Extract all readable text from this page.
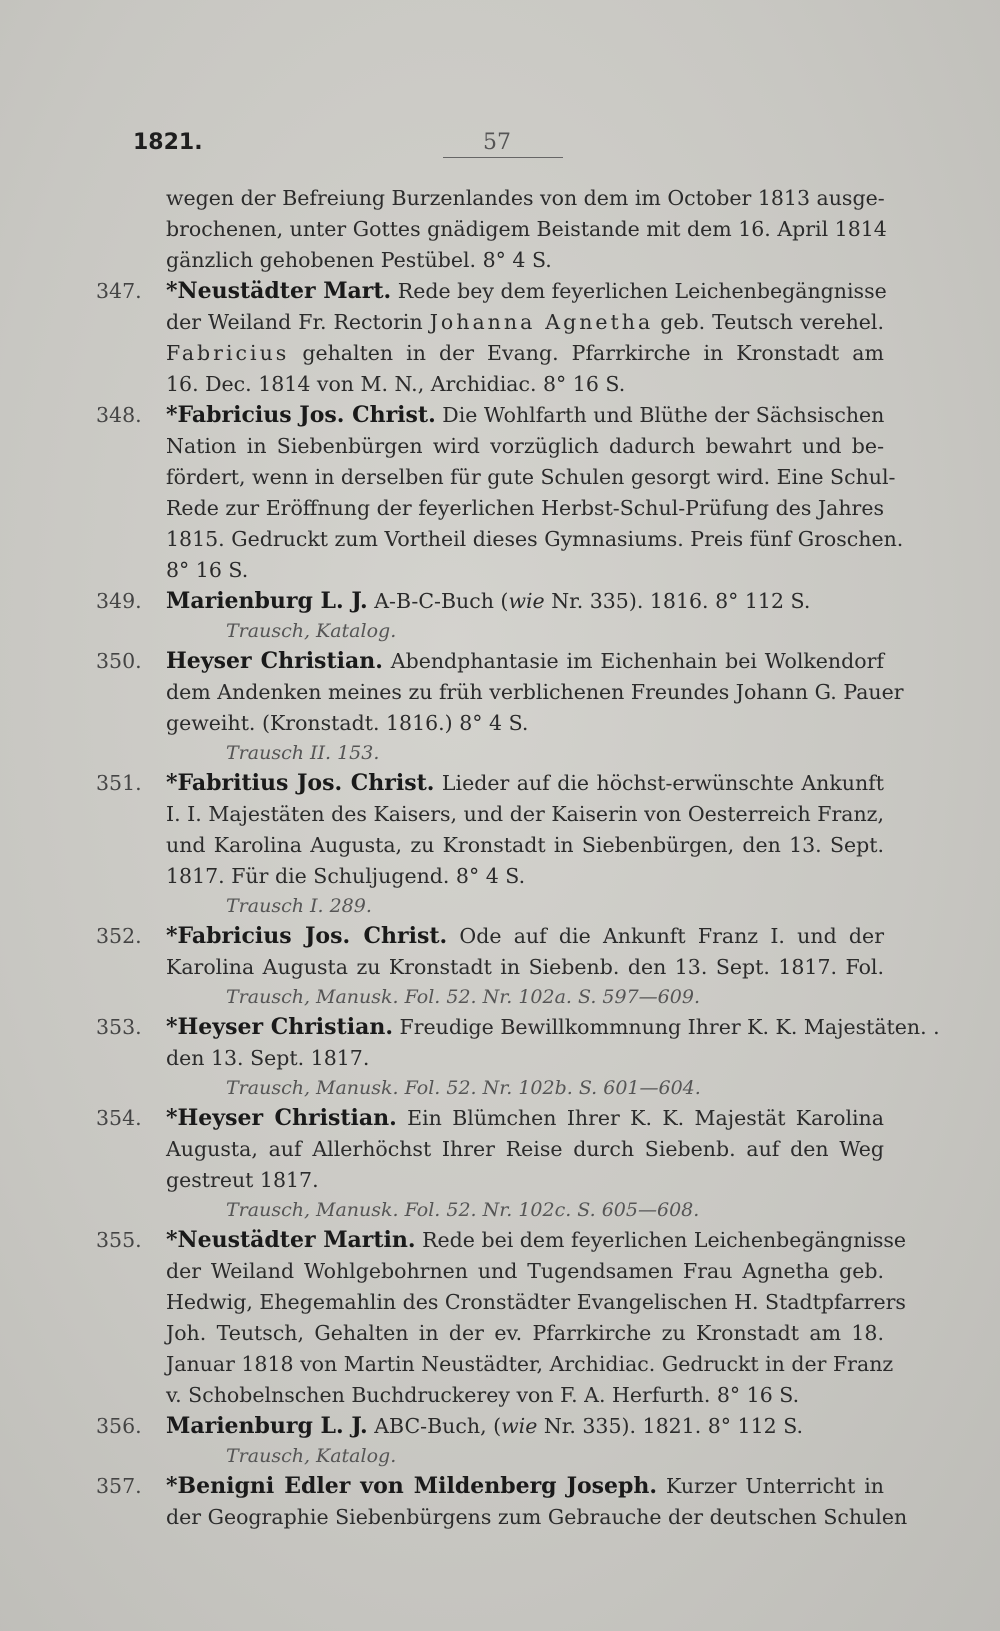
1821.	57
wegen der Befreiung Burzenlandes von dem im October 1813 ausge-
brochenen, unter Gottes gnädigem Beistande mit dem 16. April 1814
gänzlich gehobenen Pestübel. 8° 4 S.
347.	*Neustädter Mart. Rede bey dem feyerlichen Leichenbegängnisse
der Weiland Fr. Rectorin Johanna Agnetha geb. Teutsch verehel.
Fabricius gehalten in der Evang. Pfarrkirche in Kronstadt am
16. Dec. 1814 von M. N., Archidiac. 8° 16 S.
348.	*Fabricius Jos. Christ. Die Wohlfarth und Blüthe der Sächsischen
Nation in Siebenbürgen wird vorzüglich dadurch bewahrt und be-
fördert, wenn in derselben für gute Schulen gesorgt wird. Eine Schul-
Rede zur Eröffnung der feyerlichen Herbst-Schul-Prüfung des Jahres
1815. Gedruckt zum Vortheil dieses Gymnasiums. Preis fünf Groschen.
8° 16 S.
349.	Marienburg L. J. A-B-C-Buch (wie Nr. 335). 1816. 8° 112 S.
Trausch, Katalog.
350.	Heyser Christian. Abendphantasie im Eichenhain bei Wolkendorf
dem Andenken meines zu früh verblichenen Freundes Johann G. Pauer
geweiht. (Kronstadt. 1816.) 8° 4 S.
Trausch II. 153.
351.	*Fabritius Jos. Christ. Lieder auf die höchst-erwünschte Ankunft
I. I. Majestäten des Kaisers, und der Kaiserin von Oesterreich Franz,
und Karolina Augusta, zu Kronstadt in Siebenbürgen, den 13. Sept.
1817. Für die Schuljugend. 8° 4 S.
Trausch I. 289.
352.	*Fabricius Jos. Christ. Ode auf die Ankunft Franz I. und der
Karolina Augusta zu Kronstadt in Siebenb. den 13. Sept. 1817. Fol.
Trausch, Manusk. Fol. 52. Nr. 102a. S. 597—609.
353.	*Heyser Christian. Freudige Bewillkommnung Ihrer K. K. Majestäten. .
den 13. Sept. 1817.
Trausch, Manusk. Fol. 52. Nr. 102b. S. 601—604.
354.	*Heyser Christian. Ein Blümchen Ihrer K. K. Majestät Karolina
Augusta, auf Allerhöchst Ihrer Reise durch Siebenb. auf den Weg
gestreut 1817.
Trausch, Manusk. Fol. 52. Nr. 102c. S. 605—608.
355.	*Neustädter Martin. Rede bei dem feyerlichen Leichenbegängnisse
der Weiland Wohlgebohrnen und Tugendsamen Frau Agnetha geb.
Hedwig, Ehegemahlin des Cronstädter Evangelischen H. Stadtpfarrers
Joh. Teutsch, Gehalten in der ev. Pfarrkirche zu Kronstadt am 18.
Januar 1818 von Martin Neustädter, Archidiac. Gedruckt in der Franz
v. Schobelnschen Buchdruckerey von F. A. Herfurth. 8° 16 S.
356.	Marienburg L. J. ABC-Buch, (wie Nr. 335). 1821. 8° 112 S.
Trausch, Katalog.
357.	*Benigni Edler von Mildenberg Joseph. Kurzer Unterricht in
der Geographie Siebenbürgens zum Gebrauche der deutschen Schulen
